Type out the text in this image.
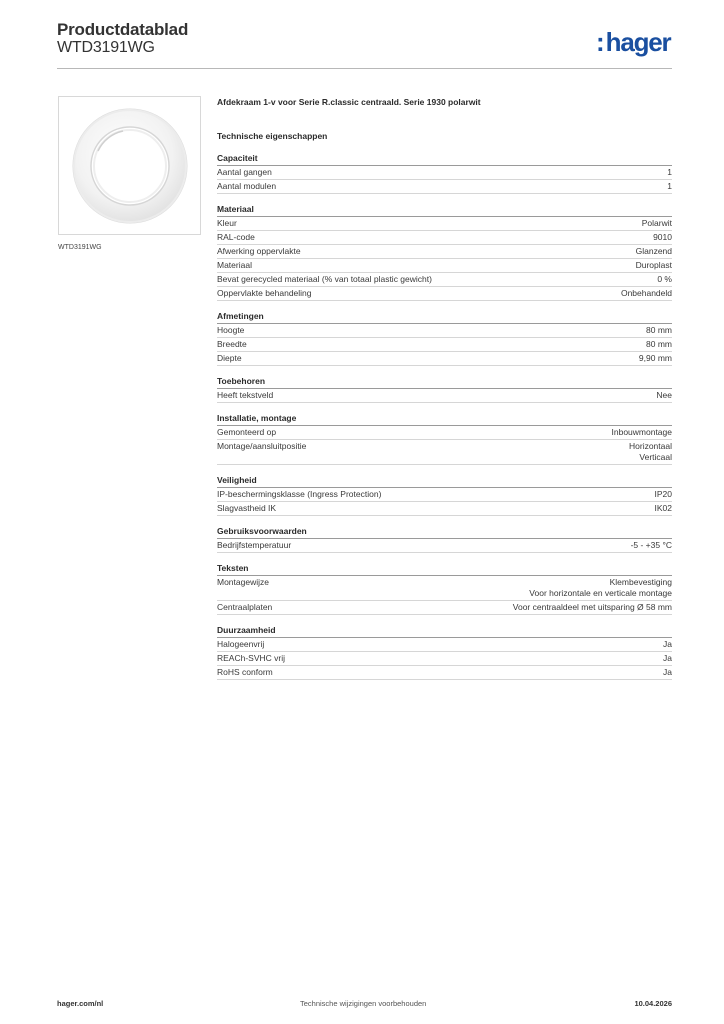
Productdatablad
WTD3191WG	:hager
WTD3191WG
Afdekraam 1-v voor Serie R.classic centraald. Serie 1930 polarwit
Technische eigenschappen
Capaciteit
Aantal gangen	1
Aantal modulen	1
Materiaal
Kleur	Polarwit
RAL-code	9010
Afwerking oppervlakte	Glanzend
Materiaal	Duroplast
Bevat gerecycled materiaal (% van totaal plastic gewicht)	0 %
Oppervlakte behandeling	Onbehandeld
Afmetingen
Hoogte	80 mm
Breedte	80 mm
Diepte	9,90 mm
Toebehoren
Heeft tekstveld	Nee
Installatie, montage
Gemonteerd op	Inbouwmontage
Montage/aansluitpositie	Horizontaal
Verticaal
Veiligheid
IP-beschermingsklasse (Ingress Protection)	IP20
Slagvastheid IK	IK02
Gebruiksvoorwaarden
Bedrijfstemperatuur	-5 - +35 °C
Teksten
Montagewijze	Klembevestiging
Voor horizontale en verticale montage
Centraalplaten	Voor centraaldeel met uitsparing Ø 58 mm
Duurzaamheid
Halogeenvrij	Ja
REACh-SVHC vrij	Ja
RoHS conform	Ja
hager.com/nl	Technische wijzigingen voorbehouden	10.04.2026
